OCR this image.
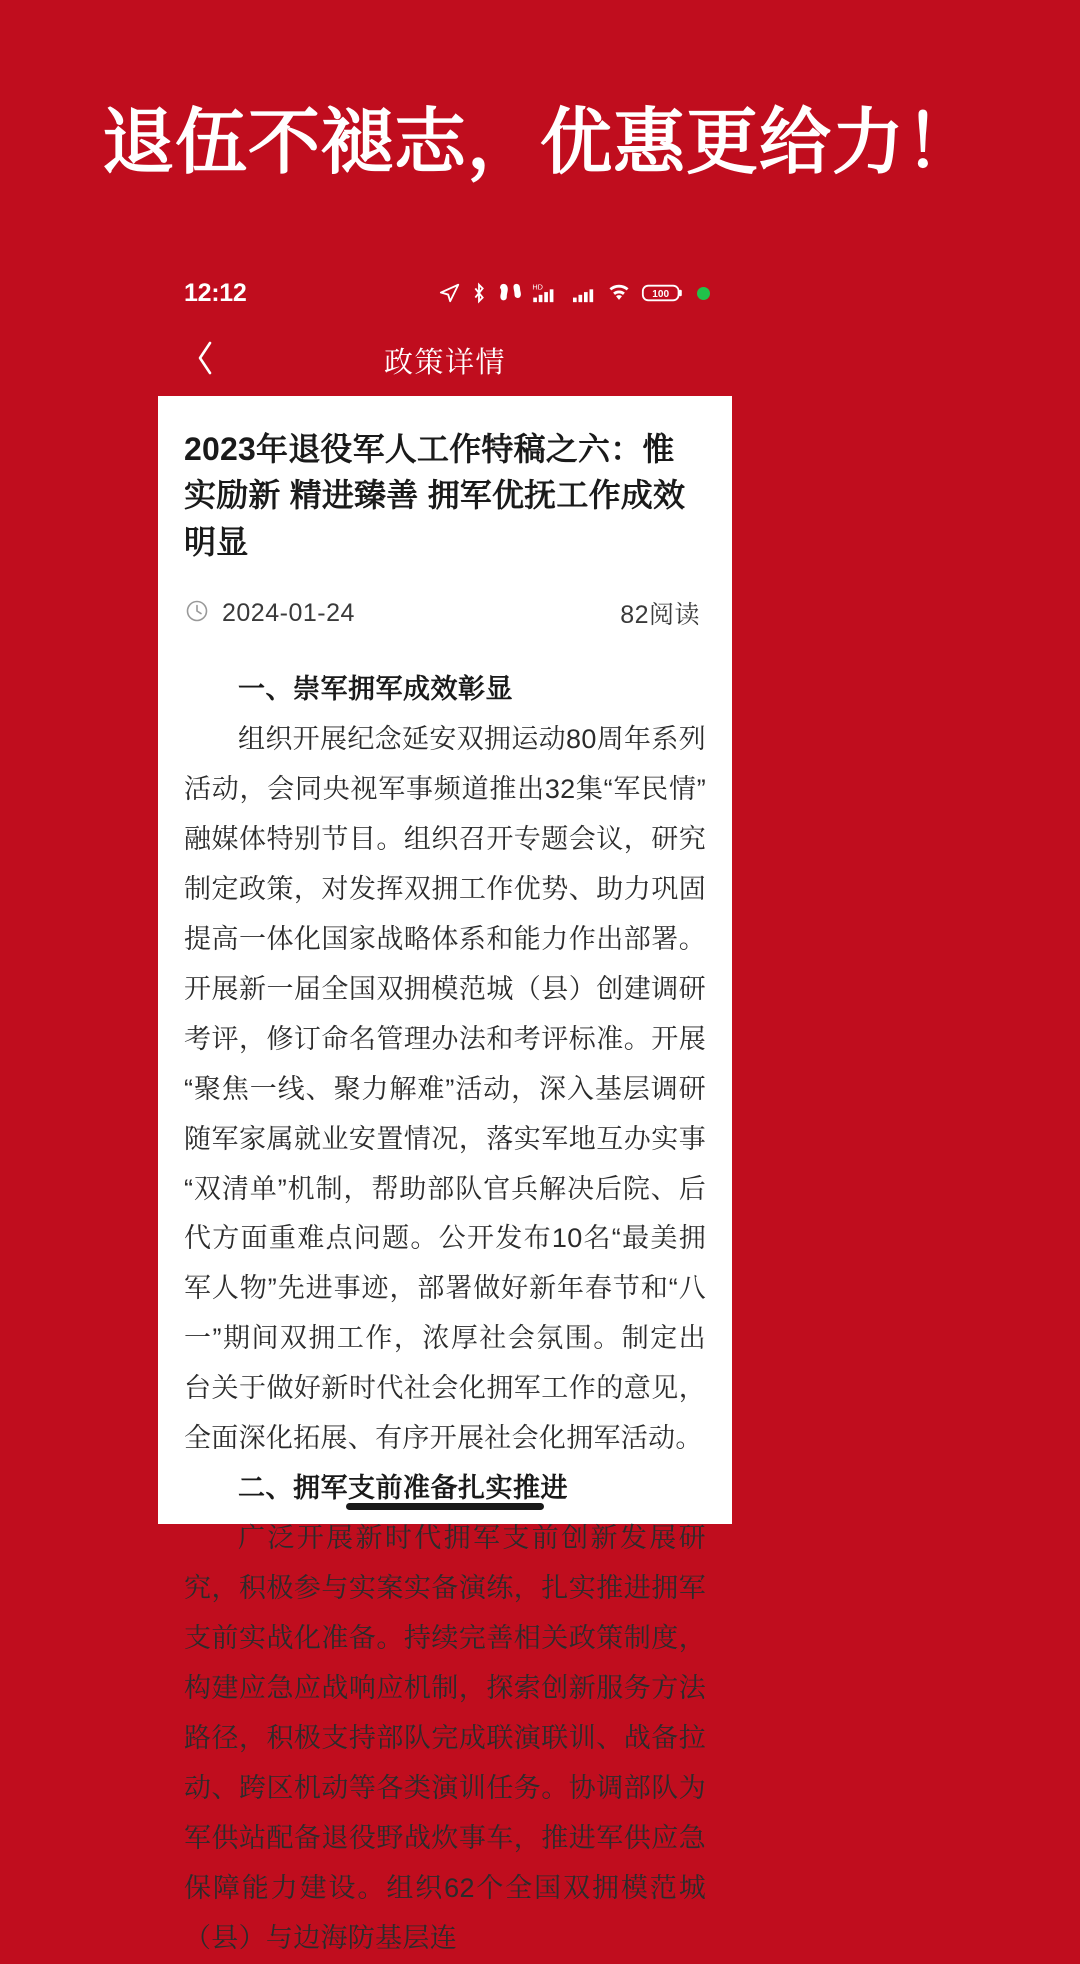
退伍不褪志，优惠更给力！
12:12	HD
100
政策详情
2023年退役军人工作特稿之六：惟实励新 精进臻善 拥军优抚工作成效明显
2024-01-24	82阅读

一、崇军拥军成效彰显

组织开展纪念延安双拥运动80周年系列活动，会同央视军事频道推出32集“军民情”融媒体特别节目。组织召开专题会议，研究制定政策，对发挥双拥工作优势、助力巩固提高一体化国家战略体系和能力作出部署。开展新一届全国双拥模范城（县）创建调研考评，修订命名管理办法和考评标准。开展“聚焦一线、聚力解难”活动，深入基层调研随军家属就业安置情况，落实军地互办实事“双清单”机制，帮助部队官兵解决后院、后代方面重难点问题。公开发布10名“最美拥军人物”先进事迹，部署做好新年春节和“八一”期间双拥工作，浓厚社会氛围。制定出台关于做好新时代社会化拥军工作的意见，全面深化拓展、有序开展社会化拥军活动。

二、拥军支前准备扎实推进

广泛开展新时代拥军支前创新发展研究，积极参与实案实备演练，扎实推进拥军支前实战化准备。持续完善相关政策制度，构建应急应战响应机制，探索创新服务方法路径，积极支持部队完成联演联训、战备拉动、跨区机动等各类演训任务。协调部队为军供站配备退役野战炊事车，推进军供应急保障能力建设。组织62个全国双拥模范城（县）与边海防基层连
